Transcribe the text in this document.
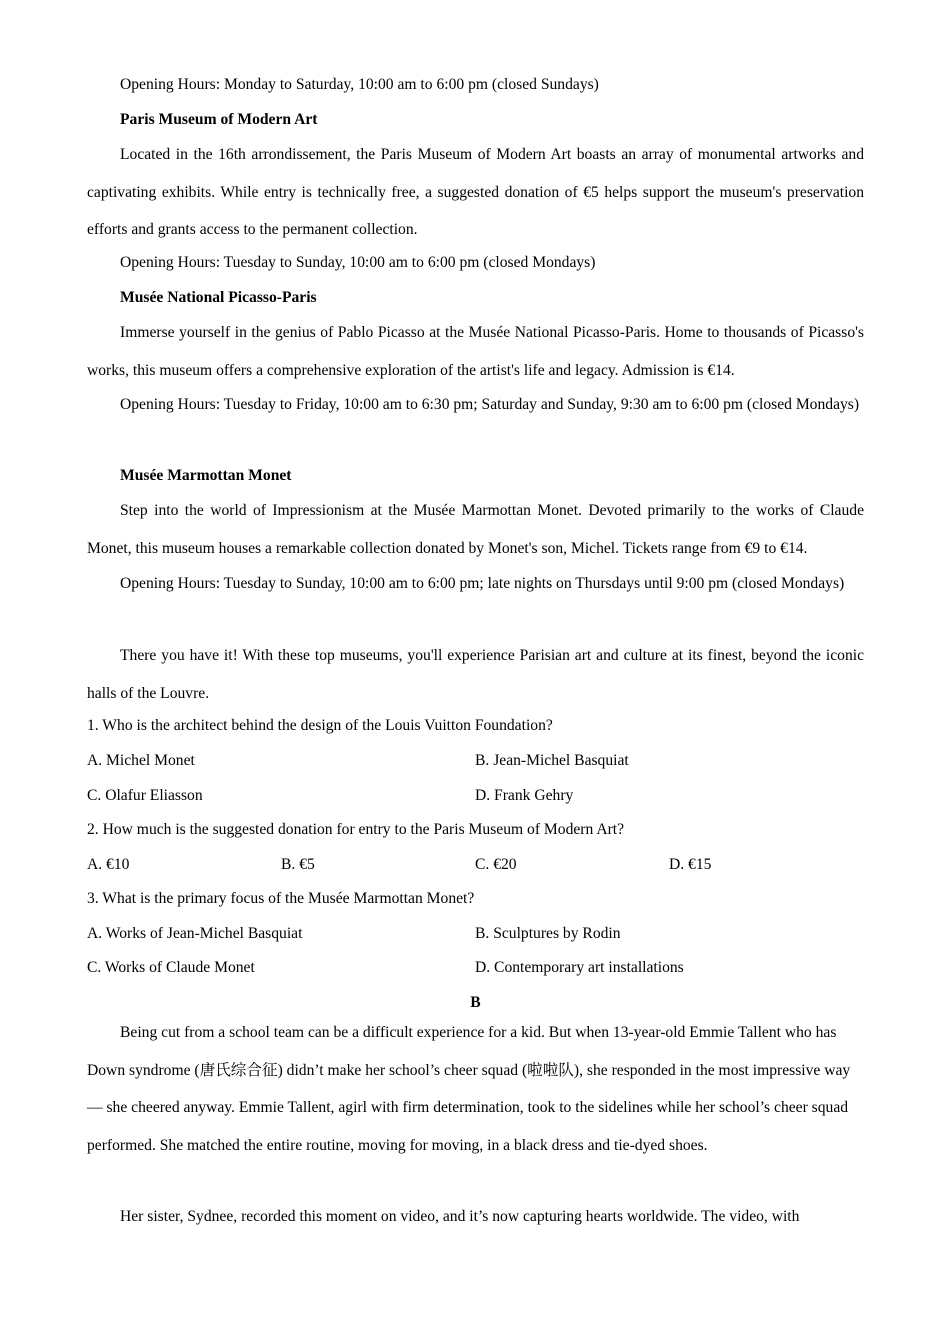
Opening Hours: Monday to Saturday, 10:00 am to 6:00 pm (closed Sundays)
Paris Museum of Modern Art
Located in the 16th arrondissement, the Paris Museum of Modern Art boasts an array of monumental artworks and captivating exhibits. While entry is technically free, a suggested donation of €5 helps support the museum's preservation efforts and grants access to the permanent collection.
Opening Hours: Tuesday to Sunday, 10:00 am to 6:00 pm (closed Mondays)
Musée National Picasso-Paris
Immerse yourself in the genius of Pablo Picasso at the Musée National Picasso-Paris. Home to thousands of Picasso's works, this museum offers a comprehensive exploration of the artist's life and legacy. Admission is €14.
Opening Hours: Tuesday to Friday, 10:00 am to 6:30 pm; Saturday and Sunday, 9:30 am to 6:00 pm (closed Mondays)
Musée Marmottan Monet
Step into the world of Impressionism at the Musée Marmottan Monet. Devoted primarily to the works of Claude Monet, this museum houses a remarkable collection donated by Monet's son, Michel. Tickets range from €9 to €14.
Opening Hours: Tuesday to Sunday, 10:00 am to 6:00 pm; late nights on Thursdays until 9:00 pm (closed Mondays)
There you have it! With these top museums, you'll experience Parisian art and culture at its finest, beyond the iconic halls of the Louvre.
1. Who is the architect behind the design of the Louis Vuitton Foundation?
A. Michel Monet	B. Jean-Michel Basquiat
C. Olafur Eliasson	D. Frank Gehry
2. How much is the suggested donation for entry to the Paris Museum of Modern Art?
A. €10	B. €5	C. €20	D. €15
3. What is the primary focus of the Musée Marmottan Monet?
A. Works of Jean-Michel Basquiat	B. Sculptures by Rodin
C. Works of Claude Monet	D. Contemporary art installations
B
Being cut from a school team can be a difficult experience for a kid. But when 13-year-old Emmie Tallent who has Down syndrome (唐氏综合征) didn’t make her school’s cheer squad (啦啦队), she responded in the most impressive way — she cheered anyway. Emmie Tallent, agirl with firm determination, took to the sidelines while her school’s cheer squad performed. She matched the entire routine, moving for moving, in a black dress and tie-dyed shoes.
Her sister, Sydnee, recorded this moment on video, and it’s now capturing hearts worldwide. The video, with
